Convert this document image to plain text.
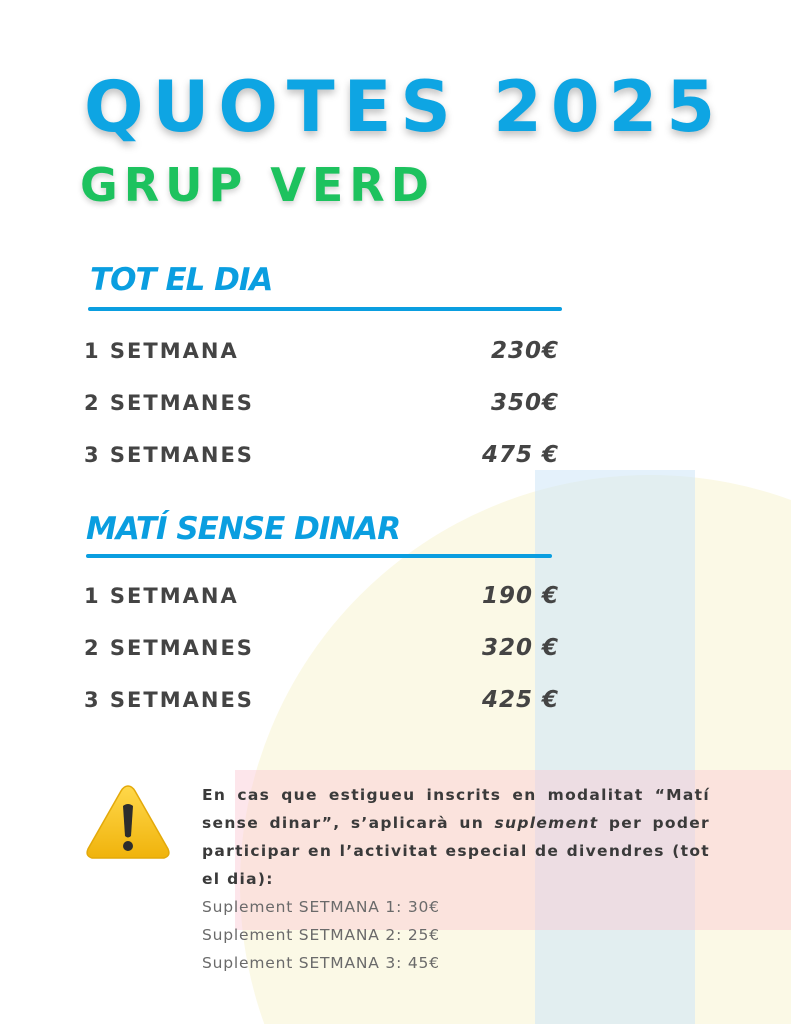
QUOTES 2025
GRUP VERD
TOT EL DIA
1 SETMANA	230€
2 SETMANES	350€
3 SETMANES	475 €
MATÍ SENSE DINAR
1 SETMANA	190 €
2 SETMANES	320 €
3 SETMANES	425 €

En cas que estigueu inscrits en modalitat “Matí sense dinar”, s’aplicarà un suplement per poder participar en l’activitat especial de divendres (tot el dia):

Suplement SETMANA 1: 30€

Suplement SETMANA 2: 25€

Suplement SETMANA 3: 45€
